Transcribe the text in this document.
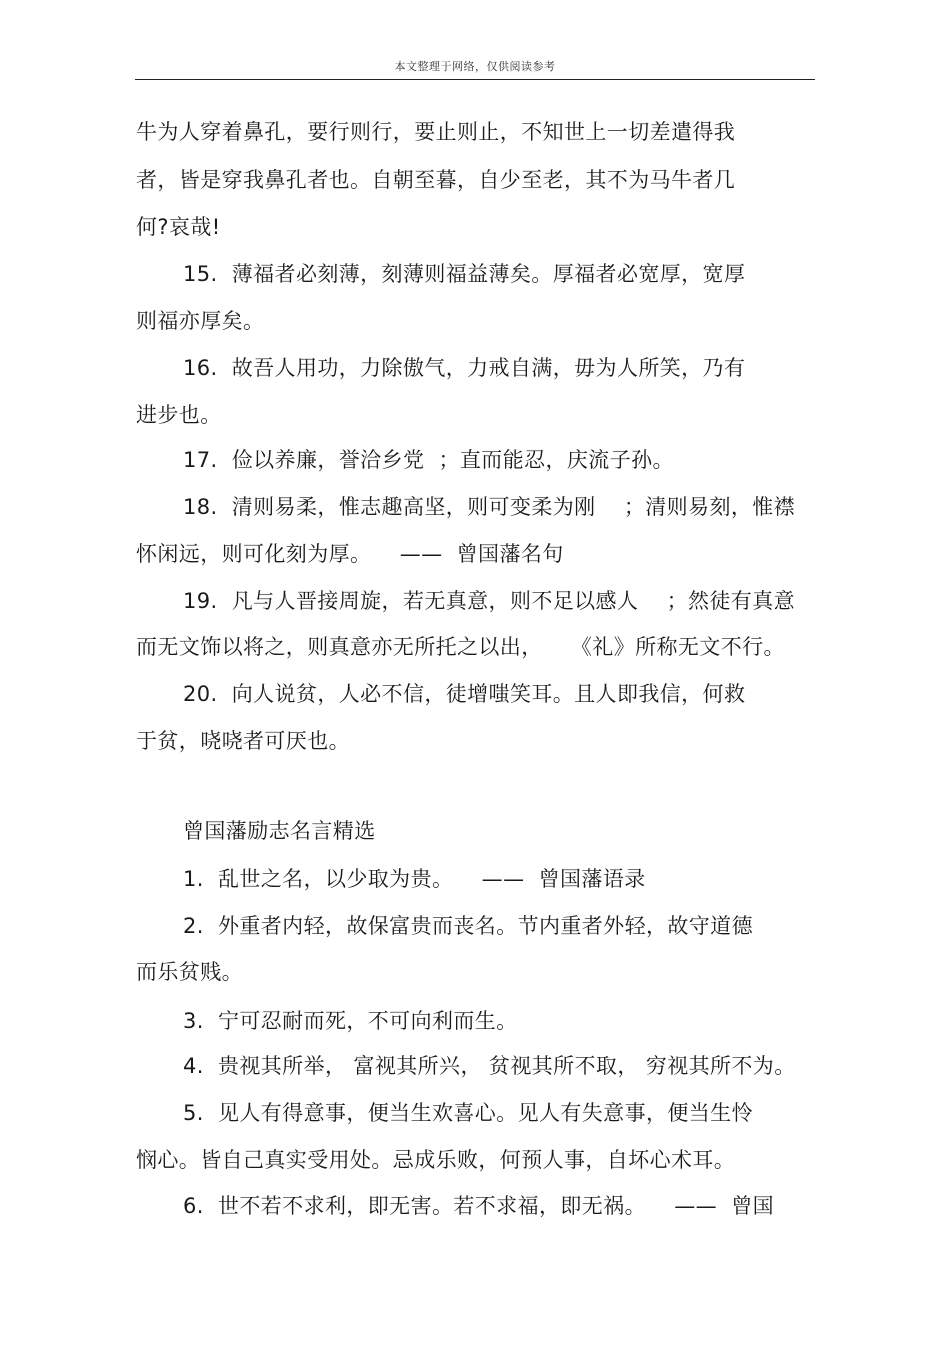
本文整理于网络，仅供阅读参考
牛为人穿着鼻孔，要行则行，要止则止，不知世上一切差遣得我
者，皆是穿我鼻孔者也。自朝至暮，自少至老，其不为马牛者几
何?哀哉!
15.  薄福者必刻薄，刻薄则福益薄矣。厚福者必宽厚，宽厚
则福亦厚矣。
16.  故吾人用功，力除傲气，力戒自满，毋为人所笑，乃有
进步也。
17.  俭以养廉，誉洽乡党  ；直而能忍，庆流子孙。
18.  清则易柔，惟志趣高坚，则可变柔为刚    ；清则易刻，惟襟
怀闲远，则可化刻为厚。    ——  曾国藩名句
19.  凡与人晋接周旋，若无真意，则不足以感人    ；然徒有真意
而无文饰以将之，则真意亦无所托之以出，    《礼》所称无文不行。
20.  向人说贫，人必不信，徒增嗤笑耳。且人即我信，何救
于贫，哓哓者可厌也。
曾国藩励志名言精选
1.  乱世之名，以少取为贵。    ——  曾国藩语录
2.  外重者内轻，故保富贵而丧名。节内重者外轻，故守道德
而乐贫贱。
3.  宁可忍耐而死，不可向利而生。
4.  贵视其所举， 富视其所兴， 贫视其所不取， 穷视其所不为。
5.  见人有得意事，便当生欢喜心。见人有失意事，便当生怜
悯心。皆自己真实受用处。忌成乐败，何预人事，自坏心术耳。
6.  世不若不求利，即无害。若不求福，即无祸。    ——  曾国
